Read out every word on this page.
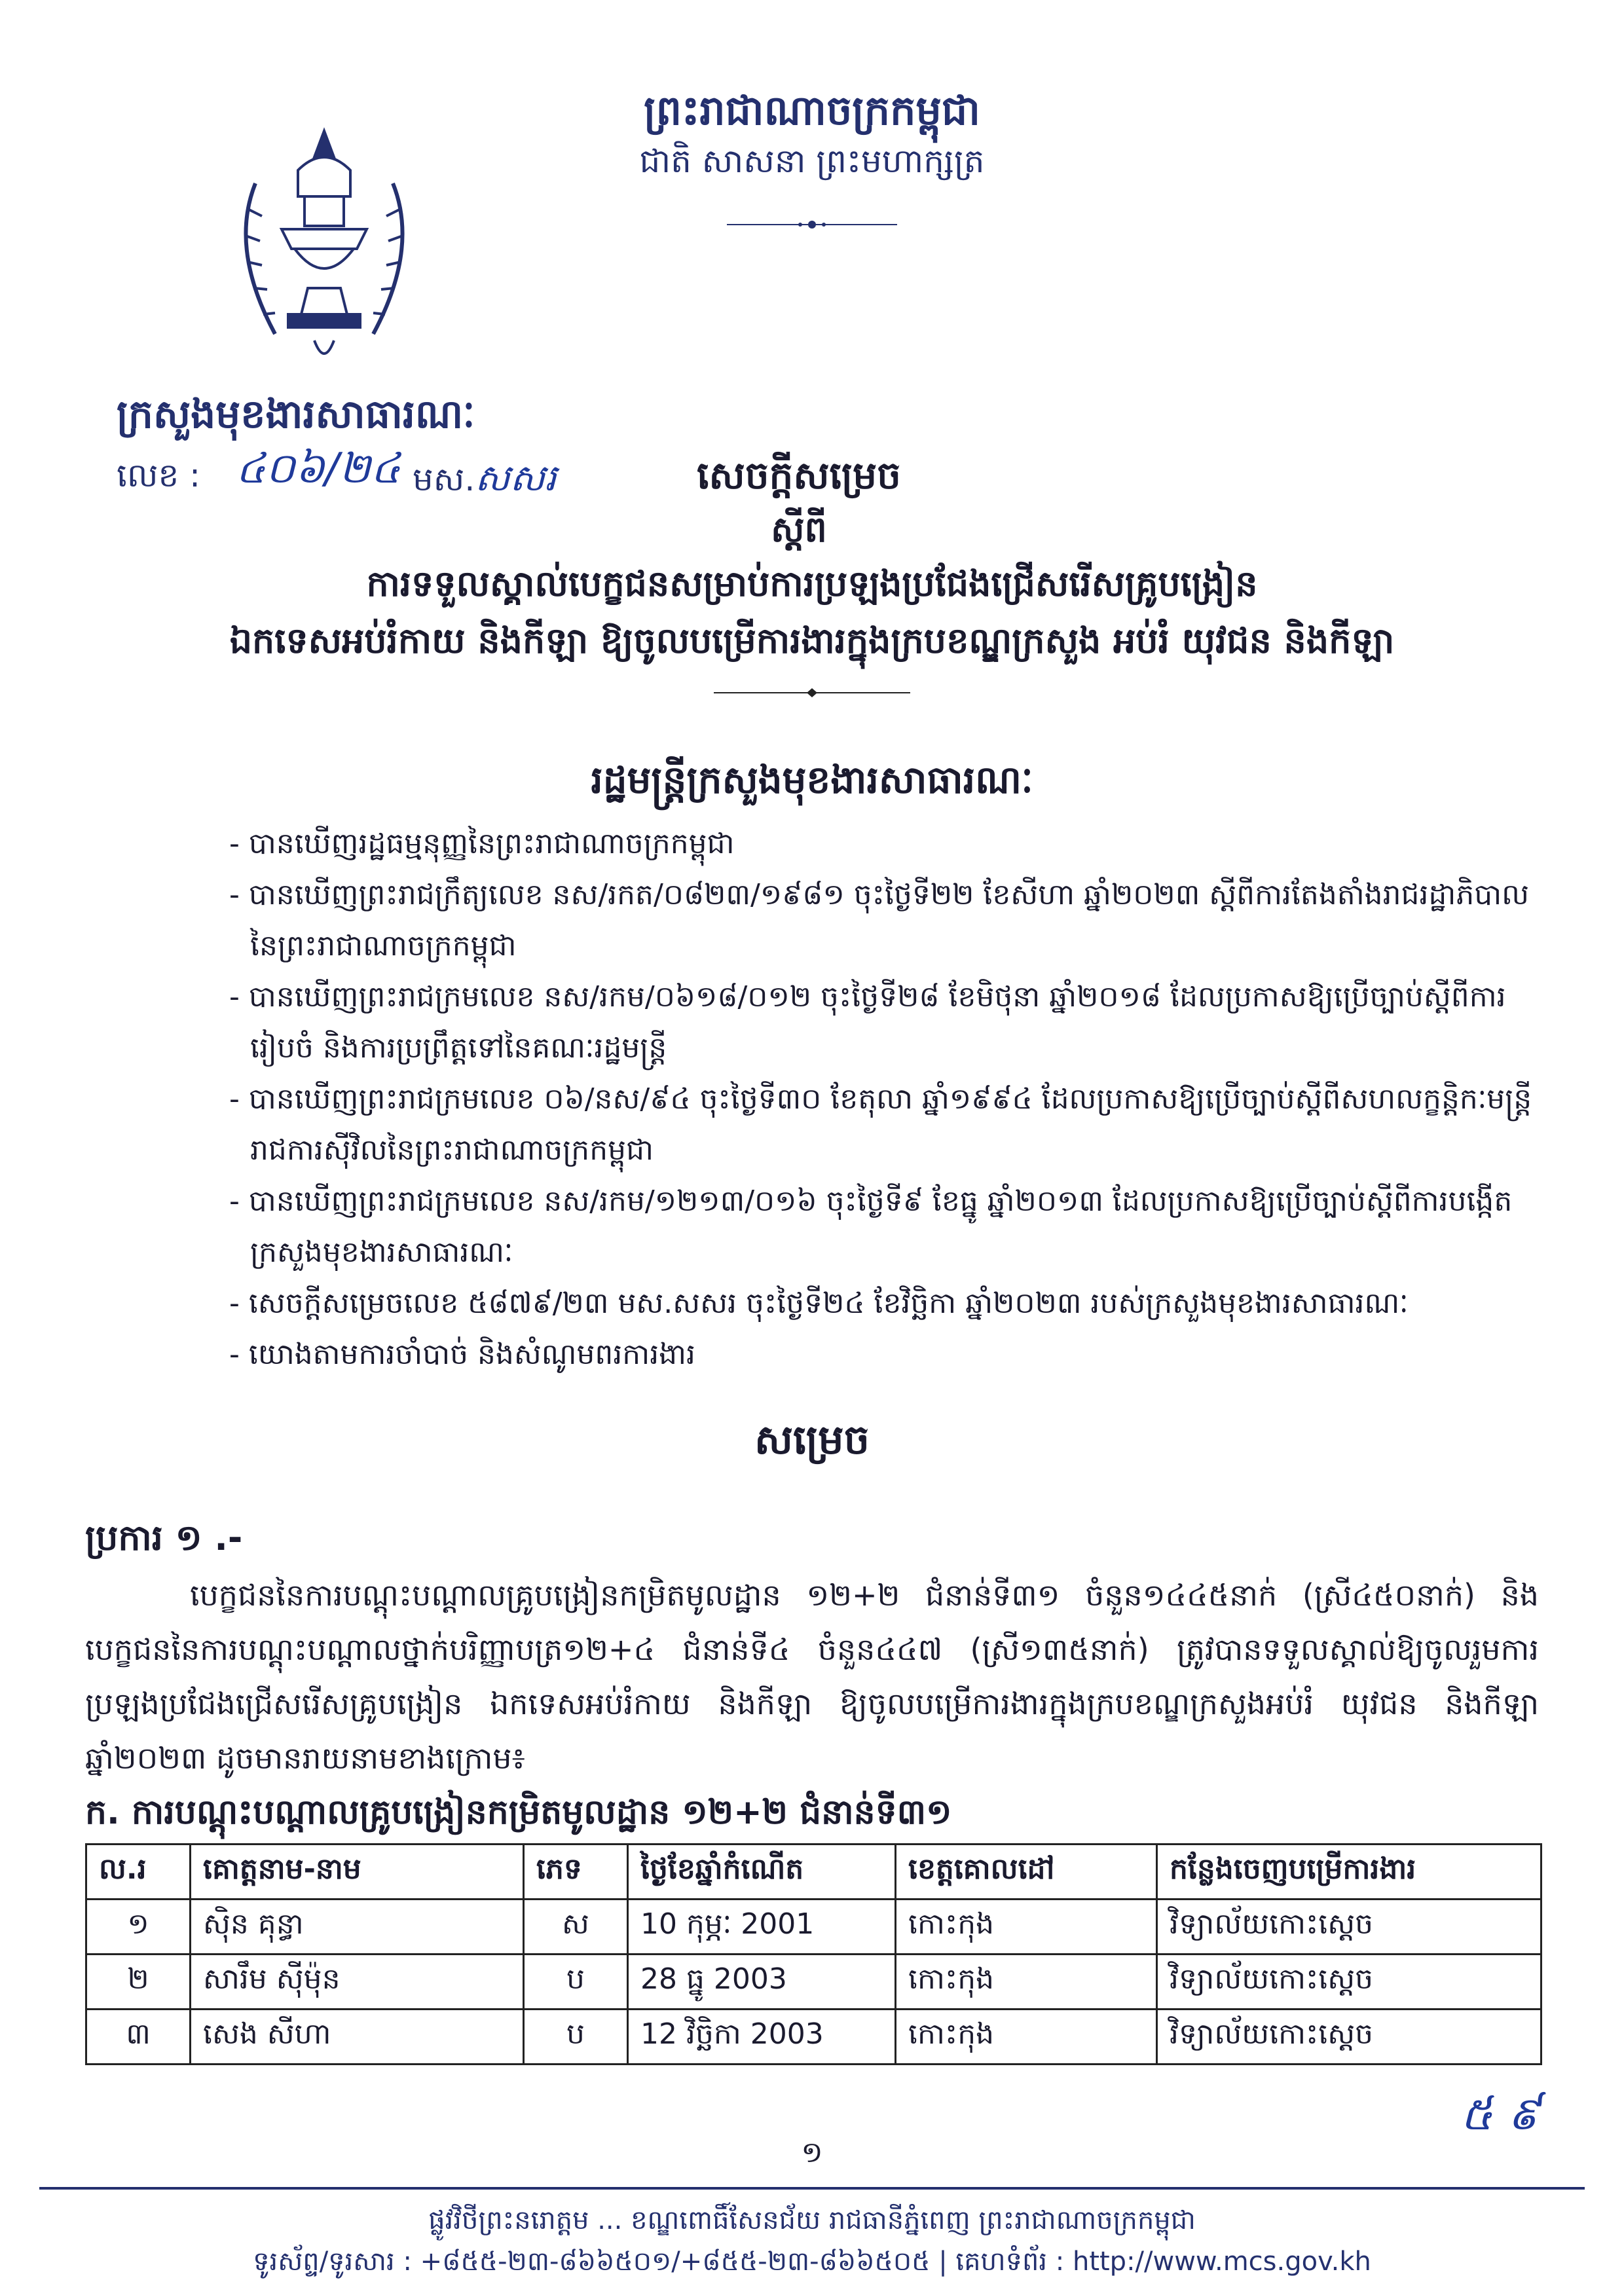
ព្រះរាជាណាចក្រកម្ពុជា
ជាតិ សាសនា ព្រះមហាក្សត្រ
ក្រសួងមុខងារសាធារណៈ
លេខ : ៤០៦/២៤ មស.សសរ	សេចក្តីសម្រេច
ស្តីពី
ការទទួលស្គាល់បេក្ខជនសម្រាប់ការប្រឡងប្រជែងជ្រើសរើសគ្រូបង្រៀន
ឯកទេសអប់រំកាយ និងកីឡា ឱ្យចូលបម្រើការងារក្នុងក្របខណ្ឌក្រសួង អប់រំ យុវជន និងកីឡា
រដ្ឋមន្ត្រីក្រសួងមុខងារសាធារណៈ
- បានឃើញរដ្ឋធម្មនុញ្ញនៃព្រះរាជាណាចក្រកម្ពុជា
- បានឃើញព្រះរាជក្រឹត្យលេខ នស/រកត/០៨២៣/១៩៨១ ចុះថ្ងៃទី២២ ខែសីហា ឆ្នាំ២០២៣ ស្តីពីការតែងតាំងរាជរដ្ឋាភិបាល នៃព្រះរាជាណាចក្រកម្ពុជា
- បានឃើញព្រះរាជក្រមលេខ នស/រកម/០៦១៨/០១២ ចុះថ្ងៃទី២៨ ខែមិថុនា ឆ្នាំ២០១៨ ដែលប្រកាសឱ្យប្រើច្បាប់ស្តីពីការរៀបចំ និងការប្រព្រឹត្តទៅនៃគណៈរដ្ឋមន្ត្រី
- បានឃើញព្រះរាជក្រមលេខ ០៦/នស/៩៤ ចុះថ្ងៃទី៣០ ខែតុលា ឆ្នាំ១៩៩៤ ដែលប្រកាសឱ្យប្រើច្បាប់ស្តីពីសហលក្ខន្តិកៈមន្ត្រីរាជការស៊ីវិលនៃព្រះរាជាណាចក្រកម្ពុជា
- បានឃើញព្រះរាជក្រមលេខ នស/រកម/១២១៣/០១៦ ចុះថ្ងៃទី៩ ខែធ្នូ ឆ្នាំ២០១៣ ដែលប្រកាសឱ្យប្រើច្បាប់ស្តីពីការបង្កើតក្រសួងមុខងារសាធារណៈ
- សេចក្តីសម្រេចលេខ ៥៨៧៩/២៣ មស.សសរ ចុះថ្ងៃទី២៤ ខែវិច្ឆិកា ឆ្នាំ២០២៣ របស់ក្រសួងមុខងារសាធារណៈ
- យោងតាមការចាំបាច់ និងសំណូមពរការងារ
សម្រេច
ប្រការ ១ .-

បេក្ខជននៃការបណ្តុះបណ្តាលគ្រូបង្រៀនកម្រិតមូលដ្ឋាន ១២+២ ជំនាន់ទី៣១ ចំនួន១៤៤៥នាក់ (ស្រី៤៥០នាក់) និងបេក្ខជននៃការបណ្តុះបណ្តាលថ្នាក់បរិញ្ញាបត្រ១២+៤ ជំនាន់ទី៤ ចំនួន៤៤៧ (ស្រី១៣៥នាក់) ត្រូវបានទទួលស្គាល់ឱ្យចូលរួមការប្រឡងប្រជែងជ្រើសរើសគ្រូបង្រៀន ឯកទេសអប់រំកាយ និងកីឡា ឱ្យចូលបម្រើការងារក្នុងក្របខណ្ឌក្រសួងអប់រំ យុវជន និងកីឡា ឆ្នាំ២០២៣ ដូចមានរាយនាមខាងក្រោម៖

ក. ការបណ្តុះបណ្តាលគ្រូបង្រៀនកម្រិតមូលដ្ឋាន ១២+២ ជំនាន់ទី៣១
ល.រ	គោត្តនាម-នាម	ភេទ	ថ្ងៃខែឆ្នាំកំណើត	ខេត្តគោលដៅ	កន្លែងចេញបម្រើការងារ
១	ស៊ិន គុន្ធា	ស	10 កុម្ភៈ 2001	កោះកុង	វិទ្យាល័យកោះស្តេច
២	សារឹម ស៊ីម៉ុន	ប	28 ធ្នូ 2003	កោះកុង	វិទ្យាល័យកោះស្តេច
៣	សេង សីហា	ប	12 វិច្ឆិកា 2003	កោះកុង	វិទ្យាល័យកោះស្តេច
៥ ៩
១
ផ្លូវវិថីព្រះនរោត្តម ... ខណ្ឌពោធិ៍សែនជ័យ រាជធានីភ្នំពេញ ព្រះរាជាណាចក្រកម្ពុជា
ទូរស័ព្ទ/ទូរសារ : +៨៥៥-២៣-៨៦៦៥០១/+៨៥៥-២៣-៨៦៦៥០៥ | គេហទំព័រ : http://www.mcs.gov.kh
